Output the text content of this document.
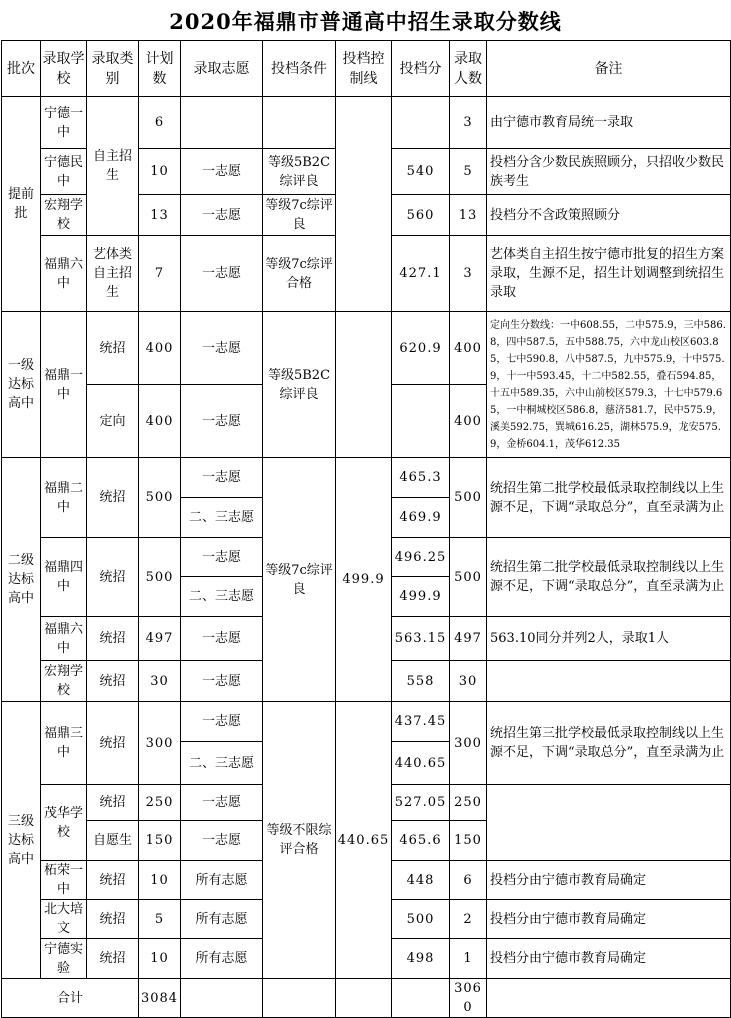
2020年福鼎市普通高中招生录取分数线
批次	录取学校	录取类别	计划数	录取志愿	投档条件	投档控制线	投档分	录取人数	备注
提前批	宁德一中	自主招生	6					3	由宁德市教育局统一录取
	宁德民中		10	一志愿	等级5B2C综评良		540	5	投档分含少数民族照顾分，只招收少数民族考生
	宏翔学校		13	一志愿	等级7c综评良		560	13	投档分不含政策照顾分
	福鼎六中	艺体类自主招生	7	一志愿	等级7c综评合格		427.1	3	艺体类自主招生按宁德市批复的招生方案录取，生源不足，招生计划调整到统招生录取
一级达标高中	福鼎一中	统招	400	一志愿	等级5B2C综评良		620.9	400	定向生分数线：一中608.55，二中575.9，三中586.8，四中587.5，五中588.75，六中龙山校区603.85，七中590.8，八中587.5，九中575.9，十中575.9，十一中593.45，十二中582.55，叠石594.85，十五中589.35，六中山前校区579.3，十七中579.65，一中桐城校区586.8，慈济581.7，民中575.9，溪美592.75，巽城616.25，湖林575.9，龙安575.9，金桥604.1，茂华612.35
		定向	400	一志愿				400	
二级达标高中	福鼎二中	统招	500	一志愿	等级7c综评良	499.9	465.3	500	统招生第二批学校最低录取控制线以上生源不足，下调“录取总分”，直至录满为止
				二、三志愿			469.9		
	福鼎四中	统招	500	一志愿			496.25	500	统招生第二批学校最低录取控制线以上生源不足，下调“录取总分”，直至录满为止
				二、三志愿			499.9		
	福鼎六中	统招	497	一志愿			563.15	497	563.10同分并列2人，录取1人
	宏翔学校	统招	30	一志愿			558	30	
三级达标高中	福鼎三中	统招	300	一志愿	等级不限综评合格	440.65	437.45	300	统招生第三批学校最低录取控制线以上生源不足，下调“录取总分”，直至录满为止
				二、三志愿			440.65		
	茂华学校	统招	250	一志愿			527.05	250	
		自愿生	150	一志愿			465.6	150	
	柘荣一中	统招	10	所有志愿			448	6	投档分由宁德市教育局确定
	北大培文	统招	5	所有志愿			500	2	投档分由宁德市教育局确定
	宁德实验	统招	10	所有志愿			498	1	投档分由宁德市教育局确定
合计			3084					3060	
